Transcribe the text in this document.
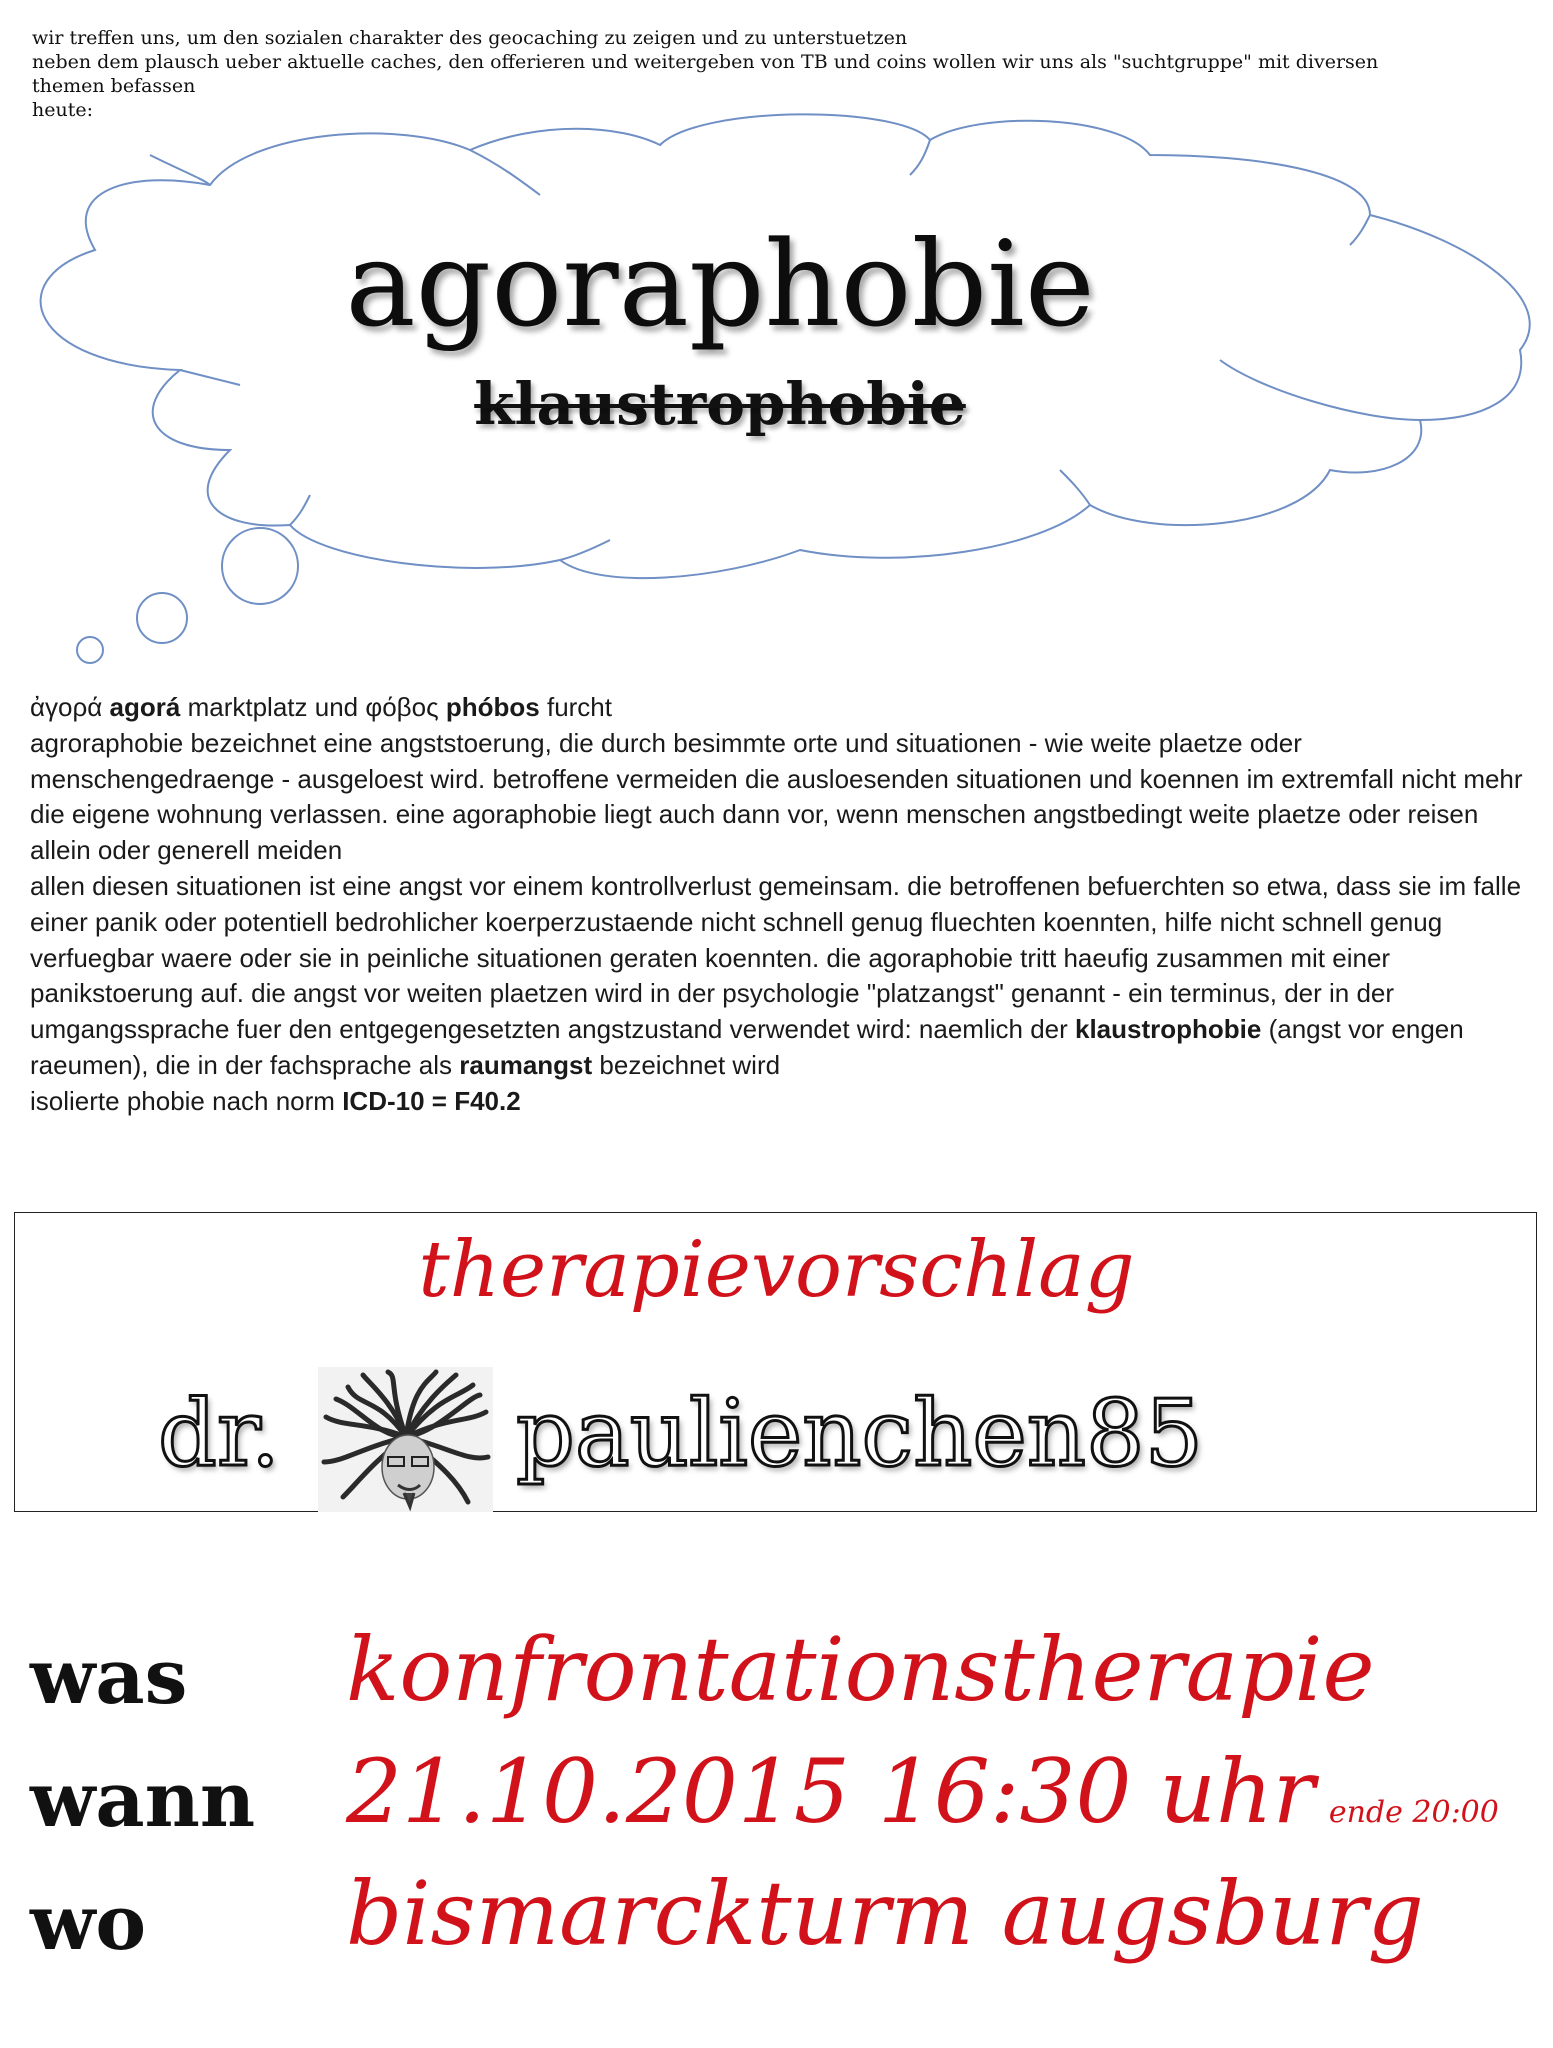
wir treffen uns, um den sozialen charakter des geocaching zu zeigen und zu unterstuetzen
neben dem plausch ueber aktuelle caches, den offerieren und weitergeben von TB und coins wollen wir uns als "suchtgruppe" mit diversen
themen befassen
heute:
agoraphobie
klaustrophobie

ἀγορά agorá marktplatz und φόβος phóbos furcht

agroraphobie bezeichnet eine angststoerung, die durch besimmte orte und situationen - wie weite plaetze oder menschengedraenge - ausgeloest wird. betroffene vermeiden die ausloesenden situationen und koennen im extremfall nicht mehr die eigene wohnung verlassen. eine agoraphobie liegt auch dann vor, wenn menschen angstbedingt weite plaetze oder reisen allein oder generell meiden

allen diesen situationen ist eine angst vor einem kontrollverlust gemeinsam. die betroffenen befuerchten so etwa, dass sie im falle einer panik oder potentiell bedrohlicher koerperzustaende nicht schnell genug fluechten koennten, hilfe nicht schnell genug verfuegbar waere oder sie in peinliche situationen geraten koennten. die agoraphobie tritt haeufig zusammen mit einer panikstoerung auf. die angst vor weiten plaetzen wird in der psychologie "platzangst" genannt - ein terminus, der in der umgangssprache fuer den entgegengesetzten angstzustand verwendet wird: naemlich der klaustrophobie (angst vor engen raeumen), die in der fachsprache als raumangst bezeichnet wird

isolierte phobie nach norm ICD-10 = F40.2

therapievorschlag
dr.	paulienchen85
was konfrontationstherapie
wann 21.10.2015 16:30 uhr ende 20:00
wo bismarckturm augsburg
